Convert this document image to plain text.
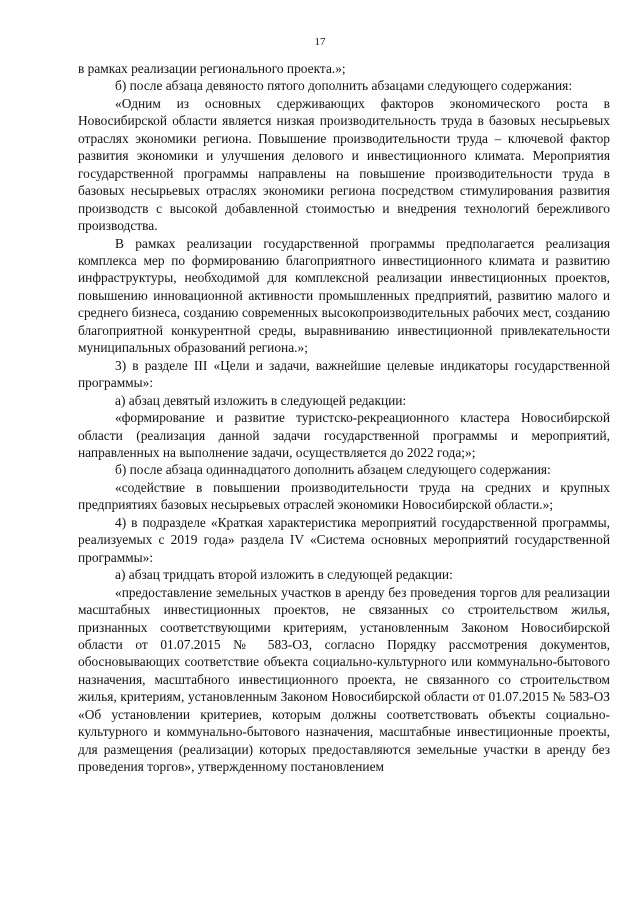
17

в рамках реализации регионального проекта.»;

б) после абзаца девяносто пятого дополнить абзацами следующего содержания:

«Одним из основных сдерживающих факторов экономического роста в Новосибирской области является низкая производительность труда в базовых несырьевых отраслях экономики региона. Повышение производительности труда – ключевой фактор развития экономики и улучшения делового и инвестиционного климата. Мероприятия государственной программы направлены на повышение производительности труда в базовых несырьевых отраслях экономики региона посредством стимулирования развития производств с высокой добавленной стоимостью и внедрения технологий бережливого производства.

В рамках реализации государственной программы предполагается реализация комплекса мер по формированию благоприятного инвестиционного климата и развитию инфраструктуры, необходимой для комплексной реализации инвестиционных проектов, повышению инновационной активности промышленных предприятий, развитию малого и среднего бизнеса, созданию современных высокопроизводительных рабочих мест, созданию благоприятной конкурентной среды, выравниванию инвестиционной привлекательности муниципальных образований региона.»;

3) в разделе III «Цели и задачи, важнейшие целевые индикаторы государственной программы»:

а) абзац девятый изложить в следующей редакции:

«формирование и развитие туристско-рекреационного кластера Новосибирской области (реализация данной задачи государственной программы и мероприятий, направленных на выполнение задачи, осуществляется до 2022 года;»;

б) после абзаца одиннадцатого дополнить абзацем следующего содержания:

«содействие в повышении производительности труда на средних и крупных предприятиях базовых несырьевых отраслей экономики Новосибирской области.»;

4) в подразделе «Краткая характеристика мероприятий государственной программы, реализуемых с 2019 года» раздела IV «Система основных мероприятий государственной программы»:

а) абзац тридцать второй изложить в следующей редакции:

«предоставление земельных участков в аренду без проведения торгов для реализации масштабных инвестиционных проектов, не связанных со строительством жилья, признанных соответствующими критериям, установленным Законом Новосибирской области от 01.07.2015 № 583-ОЗ, согласно Порядку рассмотрения документов, обосновывающих соответствие объекта социально-культурного или коммунально-бытового назначения, масштабного инвестиционного проекта, не связанного со строительством жилья, критериям, установленным Законом Новосибирской области от 01.07.2015 № 583-ОЗ «Об установлении критериев, которым должны соответствовать объекты социально-культурного и коммунально-бытового назначения, масштабные инвестиционные проекты, для размещения (реализации) которых предоставляются земельные участки в аренду без проведения торгов», утвержденному постановлением
